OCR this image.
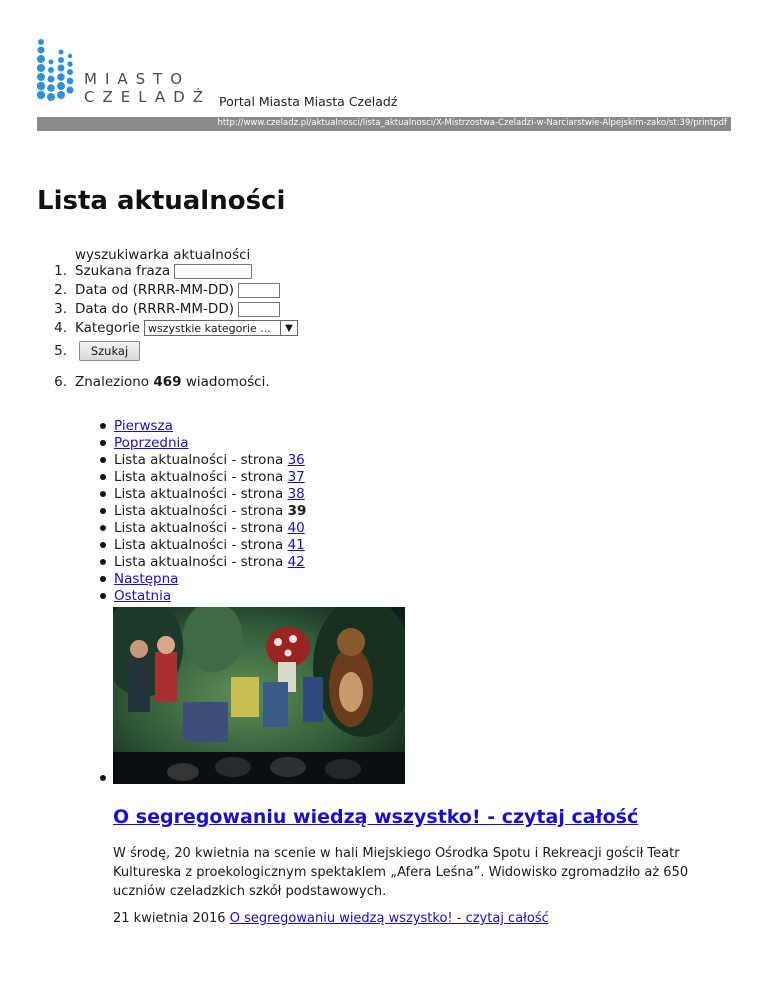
MIASTO
CZELADŹ Portal Miasta Miasta Czeladź
http://www.czeladz.pl/aktualnosci/lista_aktualnosci/X-Mistrzostwa-Czeladzi-w-Narciarstwie-Alpejskim-zako/st:39/printpdf
Lista aktualności
wyszukiwarka aktualności
1. Szukana fraza
2. Data od (RRRR-MM-DD)
3. Data do (RRRR-MM-DD)
4. Kategorie wszystkie kategorie ...	▼
5.	Szukaj
6. Znaleziono
469
wiadomości.
Pierwsza
Poprzednia
Lista aktualności - strona
36
Lista aktualności - strona
37
Lista aktualności - strona
38
Lista aktualności - strona
39
Lista aktualności - strona
40
Lista aktualności - strona
41
Lista aktualności - strona
42
Następna
Ostatnia
O segregowaniu wiedzą wszystko! - czytaj całość
W środę, 20 kwietnia na scenie w hali Miejskiego Ośrodka Spotu i Rekreacji gościł Teatr Kultureska z proekologicznym spektaklem „Afera Leśna”. Widowisko zgromadziło aż 650 uczniów czeladzkich szkół podstawowych.
21 kwietnia 2016 O segregowaniu wiedzą wszystko! - czytaj całość
